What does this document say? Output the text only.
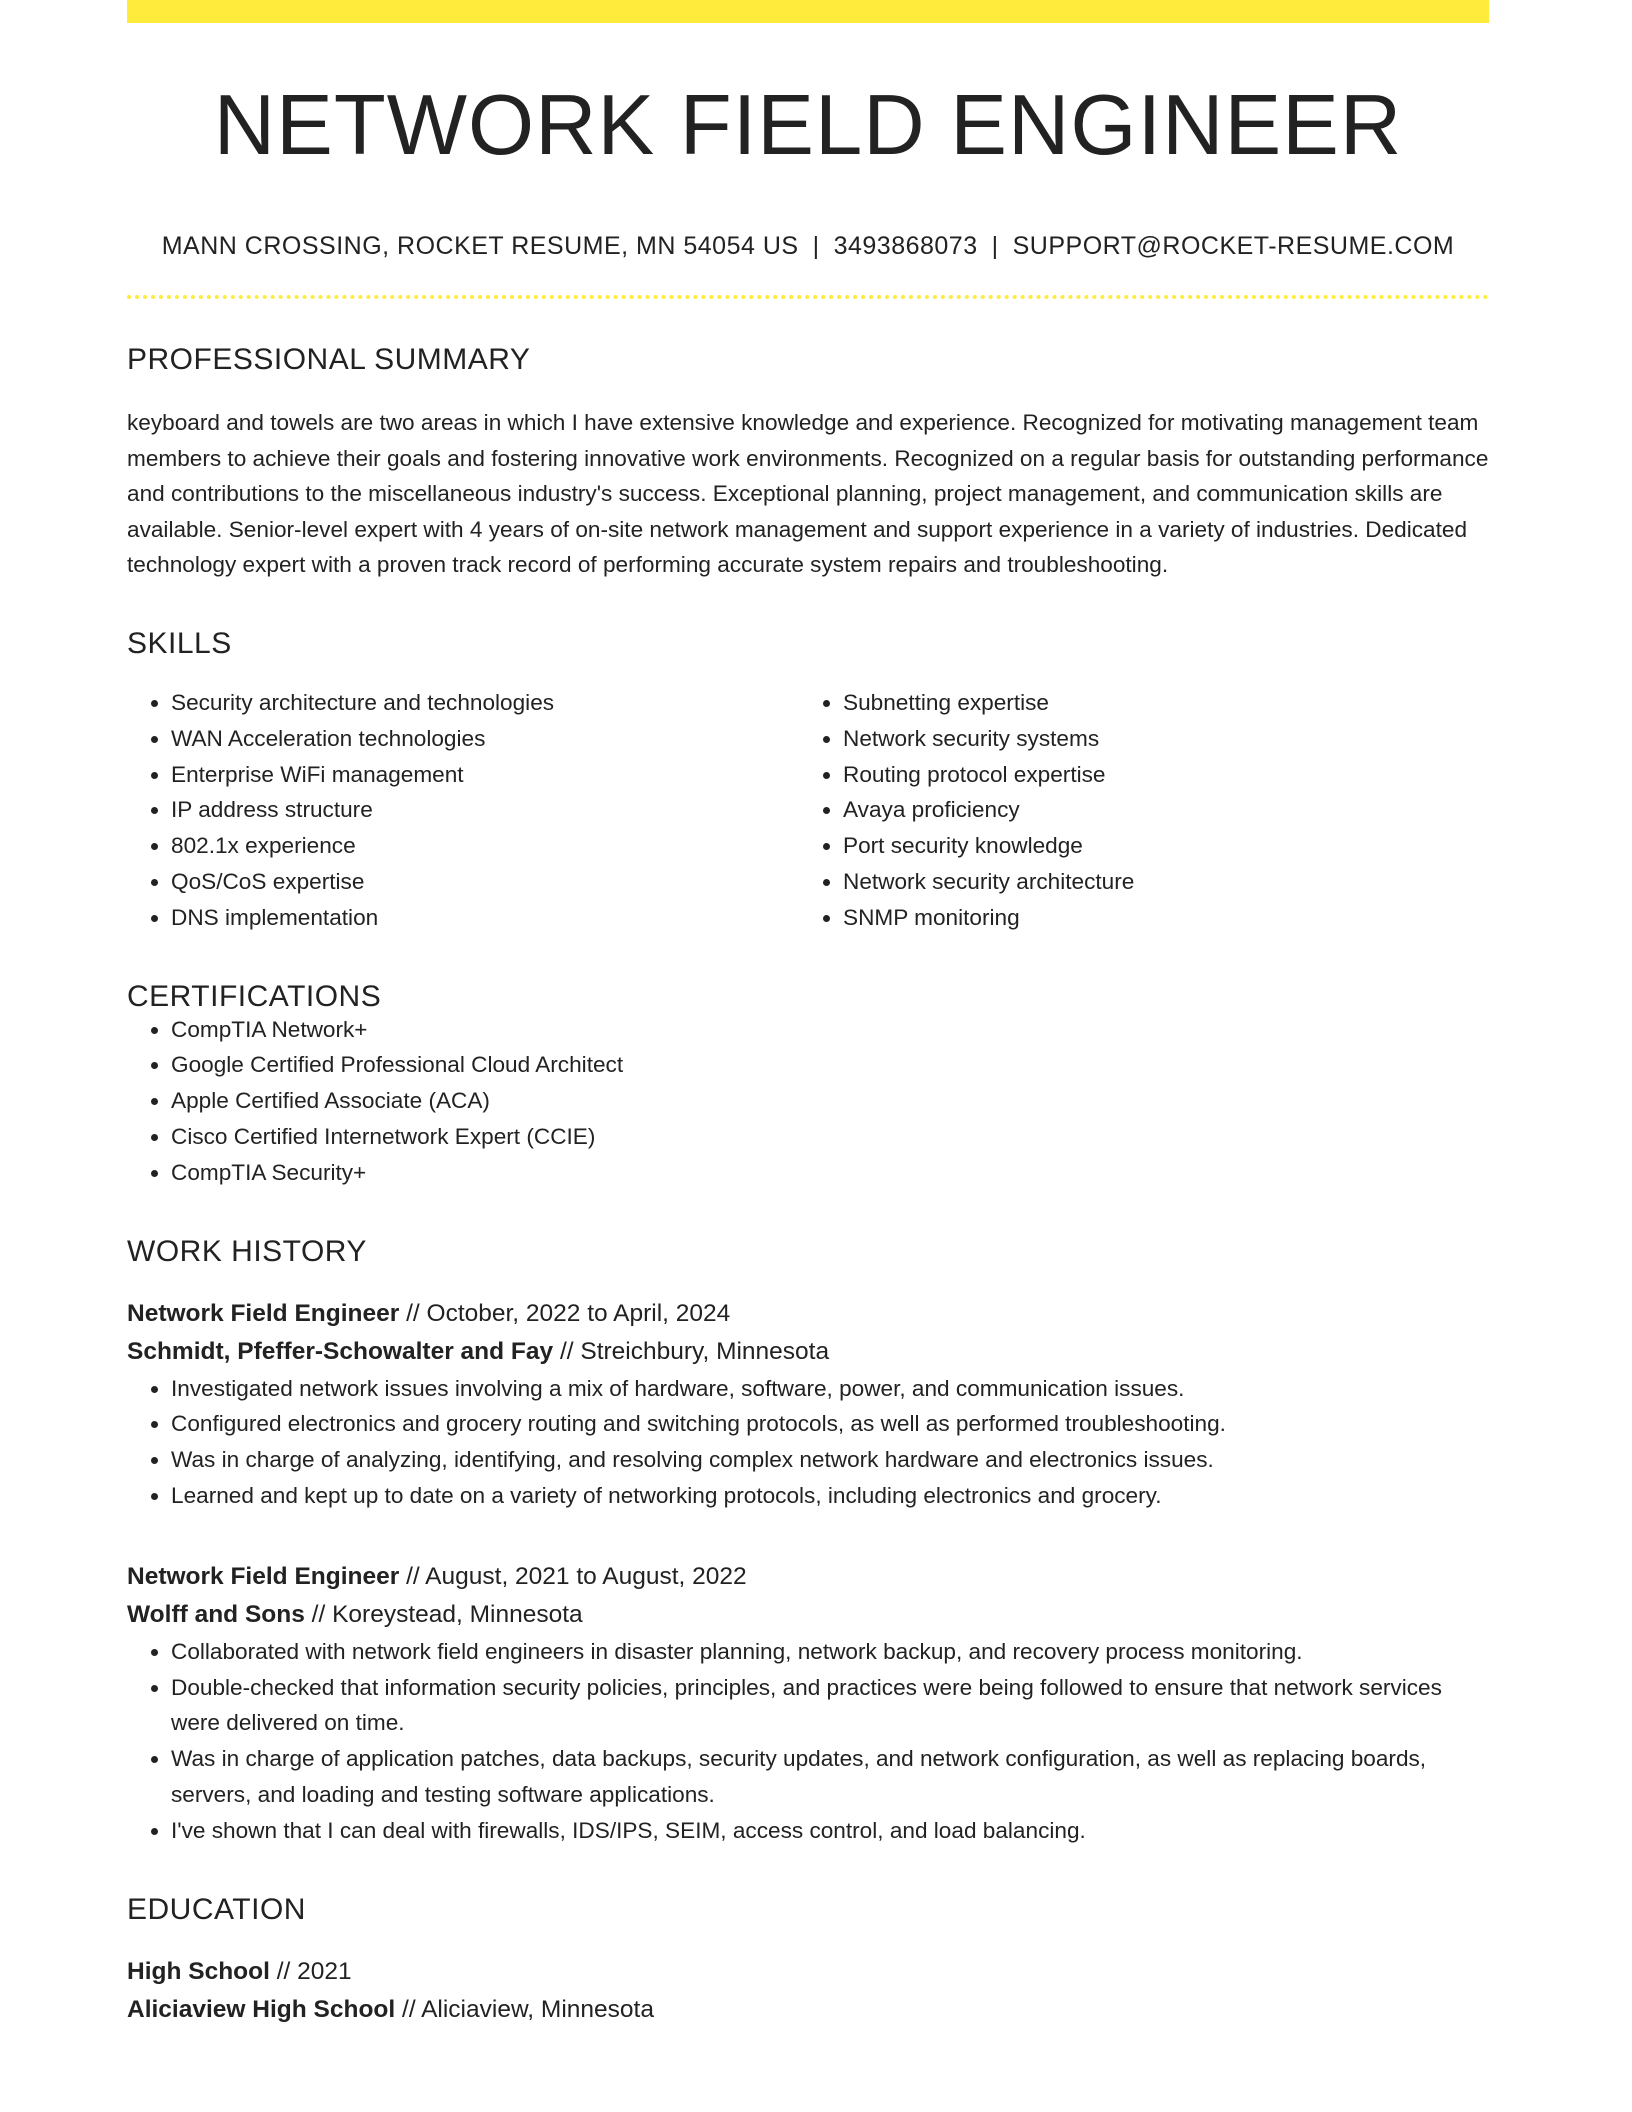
NETWORK FIELD ENGINEER
MANN CROSSING, ROCKET RESUME, MN 54054 US | 3493868073 | SUPPORT@ROCKET-RESUME.COM
PROFESSIONAL SUMMARY

keyboard and towels are two areas in which I have extensive knowledge and experience. Recognized for motivating management team members to achieve their goals and fostering innovative work environments. Recognized on a regular basis for outstanding performance and contributions to the miscellaneous industry's success. Exceptional planning, project management, and communication skills are available. Senior-level expert with 4 years of on-site network management and support experience in a variety of industries. Dedicated technology expert with a proven track record of performing accurate system repairs and troubleshooting.

SKILLS
• Security architecture and technologies
• WAN Acceleration technologies
• Enterprise WiFi management
• IP address structure
• 802.1x experience
• QoS/CoS expertise
• DNS implementation
• Subnetting expertise
• Network security systems
• Routing protocol expertise
• Avaya proficiency
• Port security knowledge
• Network security architecture
• SNMP monitoring
CERTIFICATIONS
• CompTIA Network+
• Google Certified Professional Cloud Architect
• Apple Certified Associate (ACA)
• Cisco Certified Internetwork Expert (CCIE)
• CompTIA Security+
WORK HISTORY
Network Field Engineer // October, 2022 to April, 2024
Schmidt, Pfeffer-Schowalter and Fay // Streichbury, Minnesota
• Investigated network issues involving a mix of hardware, software, power, and communication issues.
• Configured electronics and grocery routing and switching protocols, as well as performed troubleshooting.
• Was in charge of analyzing, identifying, and resolving complex network hardware and electronics issues.
• Learned and kept up to date on a variety of networking protocols, including electronics and grocery.
Network Field Engineer // August, 2021 to August, 2022
Wolff and Sons // Koreystead, Minnesota
• Collaborated with network field engineers in disaster planning, network backup, and recovery process monitoring.
• Double-checked that information security policies, principles, and practices were being followed to ensure that network services were delivered on time.
• Was in charge of application patches, data backups, security updates, and network configuration, as well as replacing boards, servers, and loading and testing software applications.
• I've shown that I can deal with firewalls, IDS/IPS, SEIM, access control, and load balancing.
EDUCATION
High School // 2021
Aliciaview High School // Aliciaview, Minnesota
